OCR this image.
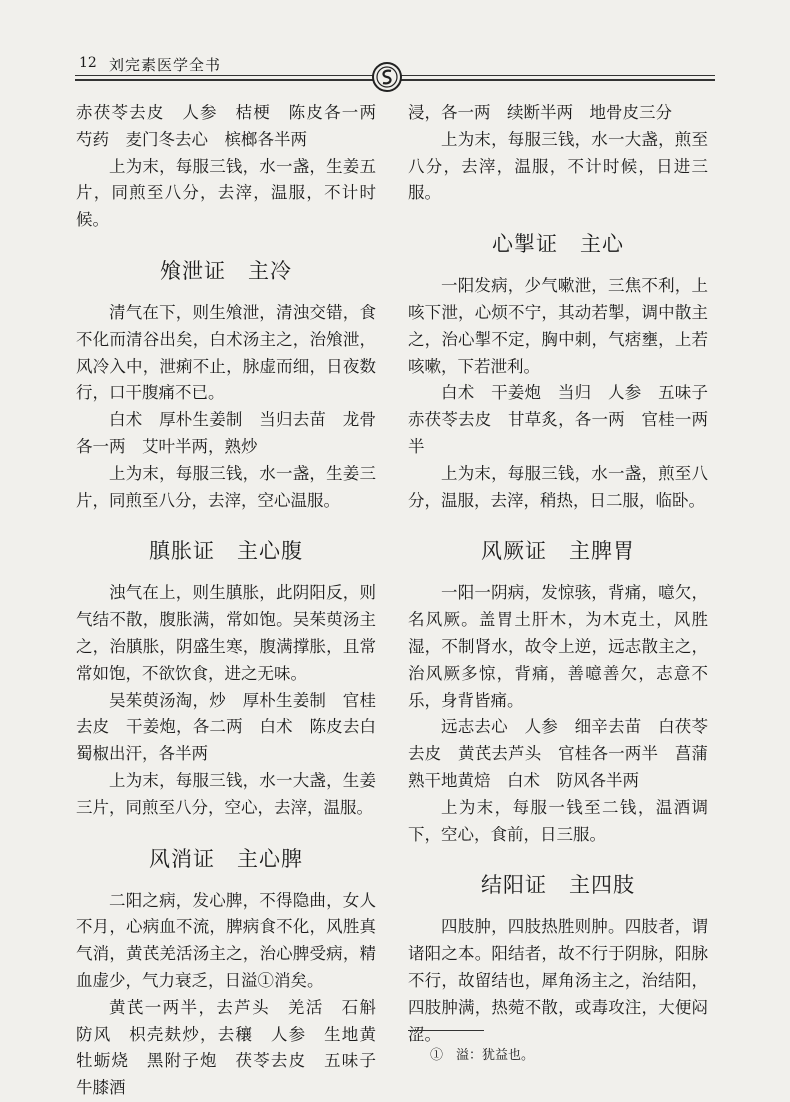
12 刘完素医学全书

赤茯苓去皮　人参　桔梗　陈皮各一两　芍药　麦门冬去心　槟榔各半两

上为末，每服三钱，水一盏，生姜五片，同煎至八分，去滓，温服，不计时候。

飧泄证　主冷

清气在下，则生飧泄，清浊交错，食不化而清谷出矣，白术汤主之，治飧泄，风冷入中，泄痢不止，脉虚而细，日夜数行，口干腹痛不已。

白术　厚朴生姜制　当归去苗　龙骨各一两　艾叶半两，熟炒

上为末，每服三钱，水一盏，生姜三片，同煎至八分，去滓，空心温服。

䐜胀证　主心腹

浊气在上，则生䐜胀，此阴阳反，则气结不散，腹胀满，常如饱。吴茱萸汤主之，治䐜胀，阴盛生寒，腹满撑胀，且常常如饱，不欲饮食，进之无味。

吴茱萸汤淘，炒　厚朴生姜制　官桂去皮　干姜炮，各二两　白术　陈皮去白　蜀椒出汗，各半两

上为末，每服三钱，水一大盏，生姜三片，同煎至八分，空心，去滓，温服。

风消证　主心脾

二阳之病，发心脾，不得隐曲，女人不月，心病血不流，脾病食不化，风胜真气消，黄芪羌活汤主之，治心脾受病，精血虚少，气力衰乏，日溢①消矣。

黄芪一两半，去芦头　羌活　石斛　防风　枳壳麸炒，去穰　人参　生地黄　牡蛎烧　黑附子炮　茯苓去皮　五味子　牛膝酒

浸，各一两　续断半两　地骨皮三分

上为末，每服三钱，水一大盏，煎至八分，去滓，温服，不计时候，日进三服。

心掣证　主心

一阳发病，少气嗽泄，三焦不利，上咳下泄，心烦不宁，其动若掣，调中散主之，治心掣不定，胸中刺，气痞壅，上若咳嗽，下若泄利。

白术　干姜炮　当归　人参　五味子　赤茯苓去皮　甘草炙，各一两　官桂一两半

上为末，每服三钱，水一盏，煎至八分，温服，去滓，稍热，日二服，临卧。

风厥证　主脾胃

一阳一阴病，发惊骇，背痛，噫欠，名风厥。盖胃土肝木，为木克土，风胜湿，不制肾水，故令上逆，远志散主之，治风厥多惊，背痛，善噫善欠，志意不乐，身背皆痛。

远志去心　人参　细辛去苗　白茯苓去皮　黄芪去芦头　官桂各一两半　菖蒲　熟干地黄焙　白术　防风各半两

上为末，每服一钱至二钱，温酒调下，空心，食前，日三服。

结阳证　主四肢

四肢肿，四肢热胜则肿。四肢者，谓诸阳之本。阳结者，故不行于阴脉，阳脉不行，故留结也，犀角汤主之，治结阳，四肢肿满，热菀不散，或毒攻注，大便闷涩。

①　溢：犹益也。
